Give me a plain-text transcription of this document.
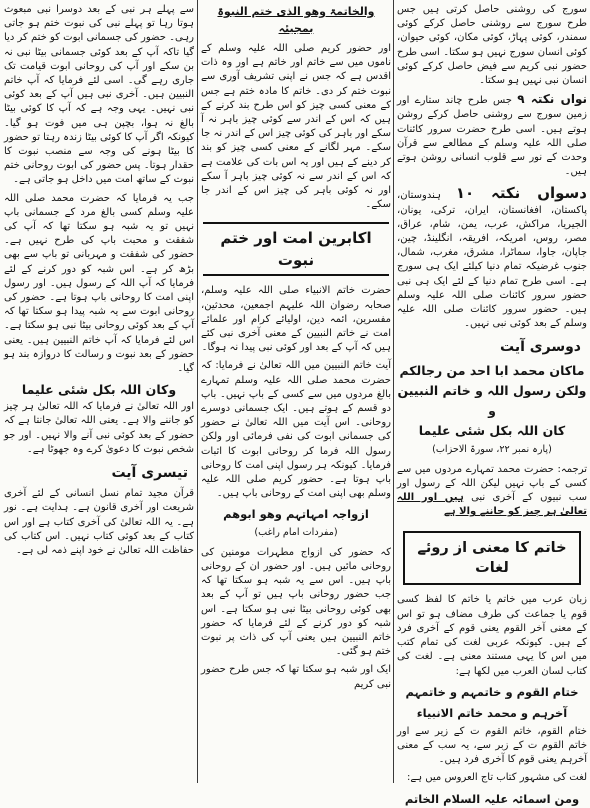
سورج کی روشنی حاصل کرتی ہیں جس طرح سورج سے روشنی حاصل کرکے کوئی سمندر، کوئی پہاڑ، کوئی مکان، کوئی حیوان، کوئی انسان سورج نہیں ہو سکتا۔ اسی طرح حضور نبی کریم سے فیض حاصل کرکے کوئی انسان نبی نہیں ہو سکتا۔

نواں نکتہ ۹ جس طرح چاند ستارے اور زمین سورج سے روشنی حاصل کرکے روشن ہوتے ہیں۔ اسی طرح حضرت سرور کائنات صلی اللہ علیہ وسلم کے مطالعے سے قرآن وحدت کے نور سے قلوب انسانی روشن ہوتے ہیں۔

دسواں نکتہ ۱۰ ہندوستان، پاکستان، افغانستان، ایران، ترکی، یونان، الجیریا، مراکش، عرب، یمن، شام، عراق، مصر، روس، امریکہ، افریقہ، انگلینڈ، چین، جاپان، جاوا، سماٹرا، مشرق، مغرب، شمال، جنوب غرضیکہ تمام دنیا کیلئے ایک ہی سورج ہے۔ اسی طرح تمام دنیا کے لئے ایک ہی نبی حضور سرور کائنات صلی اللہ علیہ وسلم ہیں۔ حضور سرور کائنات صلی اللہ علیہ وسلم کے بعد کوئی نبی نہیں۔

دوسری آیت

ماکان محمد ابا احد من رجالکم

ولکن رسول اللہ و خاتم النبیین و

کان اللہ بکل شئی علیما

(پارہ نمبر ۲۲، سورۃ الاحزاب)

ترجمہ: حضرت محمد تمہارے مردوں میں سے کسی کے باپ نہیں لیکن اللہ کے رسول اور سب نبیوں کے آخری نبی ہیں اور اللہ تعالیٰ ہر چیز کو جاننے والا ہے

خاتم کا معنی از روئے لغات

زبان عرب میں خاتم یا خاتم کا لفظ کسی قوم یا جماعت کی طرف مضاف ہو تو اس کے معنی آخر القوم یعنی قوم کے آخری فرد کے ہیں۔ کیونکہ عربی لغت کی تمام کتب میں اس کا یہی مستند معنی ہے۔ لغت کی کتاب لسان العرب میں لکھا ہے:

ختام القوم و خاتمہم و خاتمہم

آخرہم و محمد خاتم الانبیاء

ختام القوم، خاتم القوم ت کے زیر سے اور خاتم القوم ت کے زبر سے، یہ سب کے معنی آخرہم یعنی قوم کا آخری فرد ہیں۔

لغت کی مشہور کتاب تاج العروس میں ہے:

ومن اسمائہ علیہ السلام الخاتم

والخاتمۃ وھو الذی ختم النبوۃ بمجیئہ

اور حضور کریم صلی اللہ علیہ وسلم کے ناموں میں سے خاتم اور خاتم ہے اور وہ ذات اقدس ہے کہ جس نے اپنی تشریف آوری سے نبوت ختم کر دی۔ خاتم کا مادہ ختم ہے جس کے معنی کسی چیز کو اس طرح بند کرنے کے ہیں کہ اس کے اندر سے کوئی چیز باہر نہ آ سکے اور باہر کی کوئی چیز اس کے اندر نہ جا سکے۔ مہر لگانے کے معنی کسی چیز کو بند کر دینے کے ہیں اور یہ اس بات کی علامت ہے کہ اس کے اندر سے نہ کوئی چیز باہر آ سکے اور نہ کوئی باہر کی چیز اس کے اندر جا سکے۔

اکابرین امت اور ختم نبوت

حضرت خاتم الانبیاء صلی اللہ علیہ وسلم، صحابہ رضوان اللہ علیہم اجمعین، محدثین، مفسرین، ائمہ دین، اولیائے کرام اور علمائے امت نے خاتم النبیین کے معنی آخری نبی کئے ہیں کہ آپ کے بعد اور کوئی نبی پیدا نہ ہوگا۔

آیت خاتم النبیین میں اللہ تعالیٰ نے فرمایا: کہ حضرت محمد صلی اللہ علیہ وسلم تمہارے بالغ مردوں میں سے کسی کے باپ نہیں۔ باپ دو قسم کے ہوتے ہیں۔ ایک جسمانی دوسرے روحانی۔ اس آیت میں اللہ تعالیٰ نے حضور کی جسمانی ابوت کی نفی فرمائی اور ولکن رسول اللہ فرما کر روحانی ابوت کا اثبات فرمایا۔ کیونکہ ہر رسول اپنی امت کا روحانی باپ ہوتا ہے۔ حضور کریم صلی اللہ علیہ وسلم بھی اپنی امت کے روحانی باپ ہیں۔

ازواجہ امہاتہم وھو ابوھم

(مفردات امام راغب)

کہ حضور کی ازواج مطہرات مومنین کی روحانی مائیں ہیں۔ اور حضور ان کے روحانی باپ ہیں۔ اس سے یہ شبہ ہو سکتا تھا کہ جب حضور روحانی باپ ہیں تو آپ کے بعد بھی کوئی روحانی بیٹا نبی ہو سکتا ہے۔ اس شبہ کو دور کرنے کے لئے فرمایا کہ حضور خاتم النبیین ہیں یعنی آپ کی ذات پر نبوت ختم ہو گئی۔

ایک اور شبہ ہو سکتا تھا کہ جس طرح حضور نبی کریم

سے پہلے ہر نبی کے بعد دوسرا نبی مبعوث ہوتا رہا تو پہلے نبی کی نبوت ختم ہو جاتی رہی۔ حضور کی جسمانی ابوت کو ختم کر دیا گیا تاکہ آپ کے بعد کوئی جسمانی بیٹا نبی نہ بن سکے اور آپ کی روحانی ابوت قیامت تک جاری رہے گی۔ اسی لئے فرمایا کہ آپ خاتم النبیین ہیں۔ آخری نبی ہیں آپ کے بعد کوئی نبی نہیں۔ یہی وجہ ہے کہ آپ کا کوئی بیٹا بالغ نہ ہوا، بچپن ہی میں فوت ہو گیا۔ کیونکہ اگر آپ کا کوئی بیٹا زندہ رہتا تو حضور کا بیٹا ہونے کی وجہ سے منصب نبوت کا حقدار ہوتا۔ پس حضور کی ابوت روحانی ختم نبوت کے ساتھ امت میں داخل ہو جاتی ہے۔

جب یہ فرمایا کہ حضرت محمد صلی اللہ علیہ وسلم کسی بالغ مرد کے جسمانی باپ نہیں تو یہ شبہ ہو سکتا تھا کہ آپ کی شفقت و محبت باپ کی طرح نہیں ہے۔ حضور کی شفقت و مہربانی تو باپ سے بھی بڑھ کر ہے۔ اس شبہ کو دور کرنے کے لئے فرمایا کہ آپ اللہ کے رسول ہیں۔ اور رسول اپنی امت کا روحانی باپ ہوتا ہے۔ حضور کی روحانی ابوت سے یہ شبہ پیدا ہو سکتا تھا کہ آپ کے بعد کوئی روحانی بیٹا نبی ہو سکتا ہے۔ اس لئے فرمایا کہ آپ خاتم النبیین ہیں۔ یعنی حضور کے بعد نبوت و رسالت کا دروازہ بند ہو گیا۔

وکان اللہ بکل شئی علیما

اور اللہ تعالیٰ نے فرمایا کہ اللہ تعالیٰ ہر چیز کو جاننے والا ہے۔ یعنی اللہ تعالیٰ جانتا ہے کہ حضور کے بعد کوئی نبی آنے والا نہیں۔ اور جو شخص نبوت کا دعویٰ کرے وہ جھوٹا ہے۔

تیسری آیت

قرآن مجید تمام نسل انسانی کے لئے آخری شریعت اور آخری قانون ہے۔ ہدایت ہے۔ نور ہے۔ یہ اللہ تعالیٰ کی آخری کتاب ہے اور اس کتاب کے بعد کوئی کتاب نہیں۔ اس کتاب کی حفاظت اللہ تعالیٰ نے خود اپنے ذمہ لی ہے۔
